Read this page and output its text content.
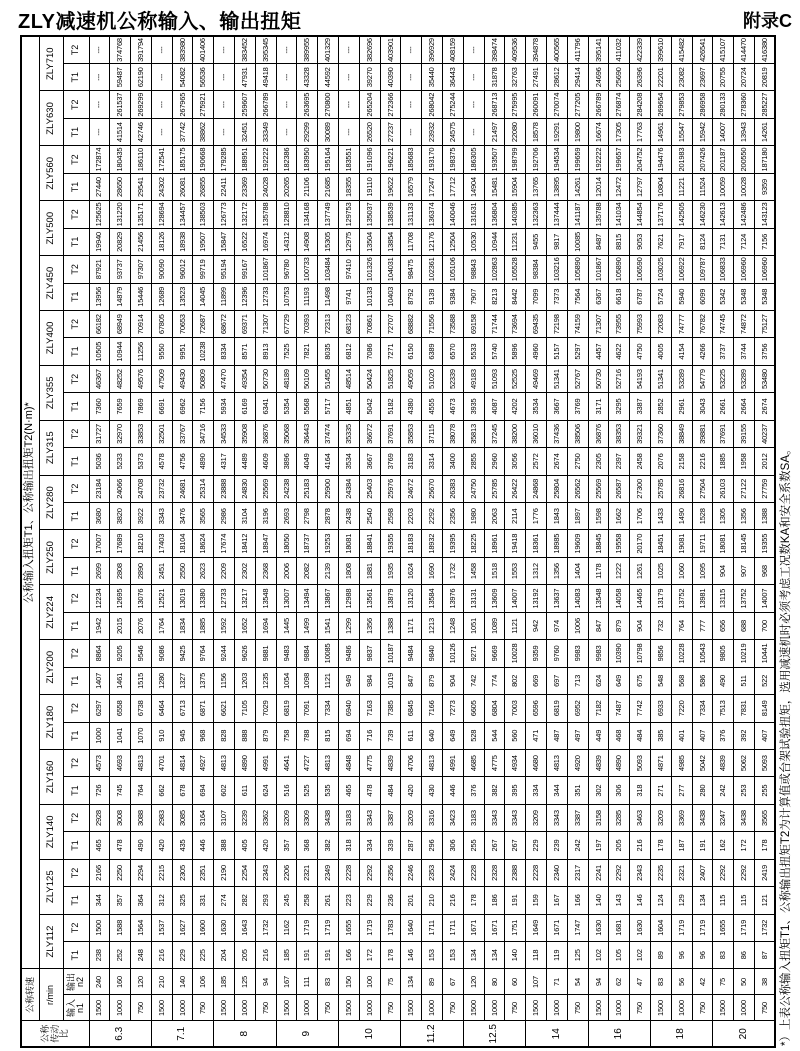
ZLY减速机公称输入、输出扭矩	附录C
公称传动比	公称转速		公称输入扭矩T1、公称输出扭矩T2(N·m)*																																	
	r/min		ZLY112		ZLY125		ZLY140		ZLY160		ZLY180		ZLY200		ZLY224		ZLY250		ZLY280		ZLY315		ZLY355		ZLY400		ZLY450		ZLY500		ZLY560		ZLY630		ZLY710	
	输入 n1	输出 n2	T1	T2	T1	T2	T1	T2	T1	T2	T1	T2	T1	T2	T1	T2	T1	T2	T1	T2	T1	T2	T1	T2	T1	T2	T1	T2	T1	T2	T1	T2	T1	T2	T1	T2
6.3	1500	240	238	1500	344	2166	465	2928	726	4573	1000	6297	1407	8864	1942	12234	2699	17007	3680	23184	5036	31727	7360	46367	10505	66182	13956	87921	19940	125625	27440	172874	---	---	---	---
	1000	160	252	1588	357	2250	478	3008	745	4693	1041	6558	1461	9205	2015	12695	2808	17689	3820	24066	5233	32970	7659	48252	10944	68949	14879	93737	20829	131220	28650	180435	41514	261537	59487	374768
	750	120	248	1564	364	2294	490	3088	764	4813	1070	6738	1515	9546	2076	13076	2890	18210	3922	24708	5373	33853	7869	49576	11256	70914	15446	97307	21456	135171	29541	186110	42746	269299	62190	391794
7.1	1500	210	216	1537	312	2215	420	2983	662	4701	910	6464	1280	9086	1764	12521	2451	17403	3343	23732	4578	32501	6691	47509	9550	67805	12689	90090	18126	128694	24302	172541	---	---	---	---
	1000	140	229	1627	325	2305	435	3085	678	4814	945	6713	1327	9425	1834	13019	2550	18104	3476	24681	4756	33767	6962	49430	9951	70653	13523	96012	18938	134457	26081	185175	37742	267965	54082	383980
	750	106	225	1600	331	2351	446	3164	694	4927	968	6871	1375	9764	1885	13380	2623	18624	3565	25314	4890	34716	7156	50809	10238	72687	14045	99719	19507	138503	26855	190668	38862	275921	56536	401406
8	1500	185	204	1630	274	2190	388	3107	602	4813	828	6621	1156	9244	1592	12733	2209	17674	2986	23888	4317	34533	5934	47470	8334	68672	11899	95194	15847	126773	22411	179285	---	---	---	---
	1000	125	205	1643	282	2254	405	3239	611	4890	888	7105	1203	9626	1652	13217	2302	18412	3104	24830	4489	35908	6169	49354	8571	69371	12396	99167	16522	132172	23369	188951	32451	259607	47931	383452
	750	94	216	1732	293	2343	420	3362	624	4991	879	7029	1235	9881	1694	13548	2368	18947	3196	25569	4609	36876	6341	50730	8913	71307	12733	101867	16974	135788	24028	192222	33349	266789	49418	395345
9	1500	167	185	1162	245	2206	357	3209	516	4641	758	6819	1054	9483	1445	13007	2006	18050	2693	24238	3896	35068	5354	48189	7525	67729	10753	96780	14312	128810	20265	182386	---	---	---	---
	1000	111	191	1719	258	2321	368	3309	525	4727	788	7091	1098	9884	1499	13494	2082	18737	2798	25183	4049	36443	5568	50109	7821	70393	11193	100733	14908	134168	21106	183950	29299	263695	43328	389955
	750	83	191	1719	261	2349	382	3438	535	4813	815	7334	1121	10085	1541	13867	2139	19253	2878	25900	4164	37474	5717	51455	8035	72313	11498	103484	15305	137749	21685	195164	30089	270800	44592	401329
10	1500	150	166	1655	223	2228	318	3183	465	4848	694	6940	949	9486	1299	12988	1808	18081	2438	24384	3534	35335	4851	48514	6812	68123	9741	97410	12975	129753	18355	183551	---	---	---	---
	1000	100	172	1719	229	2292	334	3343	478	4775	716	7163	984	9837	1356	13561	1881	18841	2540	25403	3667	36672	5042	50424	7086	70861	10133	101326	13504	135037	19110	191096	26520	265204	39270	382696
	750	75	178	1783	236	2356	339	3387	484	4839	739	7385	1019	10187	1388	13879	1935	19355	2598	25976	3769	37691	5182	51825	7271	72707	10403	104031	13854	138539	19622	196221	27237	272366	40390	403901
11.2	1500	134	146	1640	201	2246	287	3209	420	4706	611	6845	847	9484	1171	13120	1624	18183	2203	24672	3183	35853	4380	49059	6150	68882	8792	98475	11708	131133	16579	185683	---	---	---	---
	1000	89	153	1711	210	2353	296	3316	430	4813	640	7166	879	9840	1213	13584	1690	18932	2292	25670	3314	37115	4555	51020	6389	71556	9139	102361	12176	136374	17247	193170	23932	268042	35440	396929
	750	67	153	1711	216	2424	306	3423	446	4991	649	7273	904	10126	1248	13976	1732	19395	2356	26383	3400	38078	4673	52339	6570	73588	9384	105106	12504	140046	17712	198375	24575	275244	36443	408159
12.5	1500	120	134	1671	178	2228	255	3183	376	4685	528	6605	742	9271	1051	13131	1458	18225	1980	24750	2855	35813	3935	49183	5533	69158	7907	98843	10530	131631	14904	186305	---	---	---	---
	1000	80	134	1671	186	2328	267	3343	382	4775	544	6804	774	9669	1089	13609	1518	18961	2063	25785	2960	37245	4087	51093	5740	71744	8213	102863	10944	136804	15481	193507	21497	268713	31878	398474
	750	60	140	1751	191	2388	267	3343	395	4934	560	7003	802	10028	1121	14007	1553	19418	2114	26422	3056	38200	4202	52525	5896	73694	8442	105528	11231	140385	15904	198799	22080	275995	32763	409536
14	1500	107	118	1649	159	2228	229	3209	334	4680	471	6596	669	9359	942	13192	1312	18361	1776	24868	2572	36010	3534	49469	4960	69435	7099	98384	9455	132363	13765	192706	18578	260091	27491	394878
	1000	71	119	1671	167	2340	239	3343	344	4813	487	6819	697	9760	974	13637	1356	18985	1843	25804	2674	37436	3667	51341	5157	72198	7373	103216	9817	137444	13895	194534	19291	270074	28612	400565
	750	54	125	1747	166	2317	242	3387	351	4920	497	6952	713	9983	1006	14083	1404	19609	1897	26562	2750	38506	3769	52767	5297	74159	7564	105890	10085	141187	14261	199659	19800	277205	29414	411796
16	1500	94	102	1630	140	2241	197	3158	302	4839	449	7182	624	9983	847	13548	1178	18845	1598	25569	2305	36876	3171	50730	4457	71307	6367	101867	8487	135788	12014	192222	16674	266789	24696	395141
	1000	62	105	1681	143	2292	205	3285	306	4890	468	7487	649	10390	879	14058	1222	19558	1662	26587	2397	38353	3295	52716	4622	73955	6618	105890	8815	141034	12472	199657	17305	276874	25690	411032
	750	47	102	1630	146	2343	216	3463	318	5093	484	7742	675	10798	904	14465	1261	20170	1706	27300	2458	39321	3387	54193	4750	75993	6787	106590	9053	144854	12797	204752	17763	284208	26396	422339
18	1500	83	89	1604	124	2235	178	3209	271	4871	385	6933	548	9856	732	13179	1025	18451	1433	25785	2076	37360	2852	51341	4005	72083	5724	103025	7621	137176	10804	194476	14961	269654	22201	399610
	1000	56	96	1719	129	2321	187	3369	277	4985	401	7220	568	10228	764	13752	1060	19081	1490	26816	2158	38849	2961	53289	4154	74777	5940	106922	7917	142505	11221	201983	15547	279853	23082	415482
	750	42	96	1719	134	2407	191	3438	280	5042	407	7334	586	10543	777	13981	1095	19711	1528	27504	2216	39881	3043	54779	4266	76782	6099	109787	8124	146230	11524	207426	15942	286958	23697	426541
20	1500	75	83	1655	115	2292	162	3247	242	4839	376	7513	490	9805	656	13115	904	18081	1305	26103	1885	37691	2661	53225	3737	74745	5342	106833	7131	142613	10059	201187	14007	280133	20755	415107
	1000	50	86	1719	115	2292	172	3438	253	5062	392	7831	511	10219	688	13752	907	18145	1356	27122	1958	39155	2664	53289	3744	74872	5348	106960	7124	142486	10028	200550	13943	278360	20724	414470
	750	38	87	1732	121	2419	178	3565	255	5093	407	8149	522	10441	700	14007	968	19355	1388	27759	2012	40237	2674	53480	3756	75127	5348	106960	7156	143123	9359	187180	14261	285227	20819	416380
*）上表公称输入扭矩T1、公称输出扭矩T2为计算值或台架试验扭矩，选用减速机时必须考虑工况数KA和安全系数SA。
